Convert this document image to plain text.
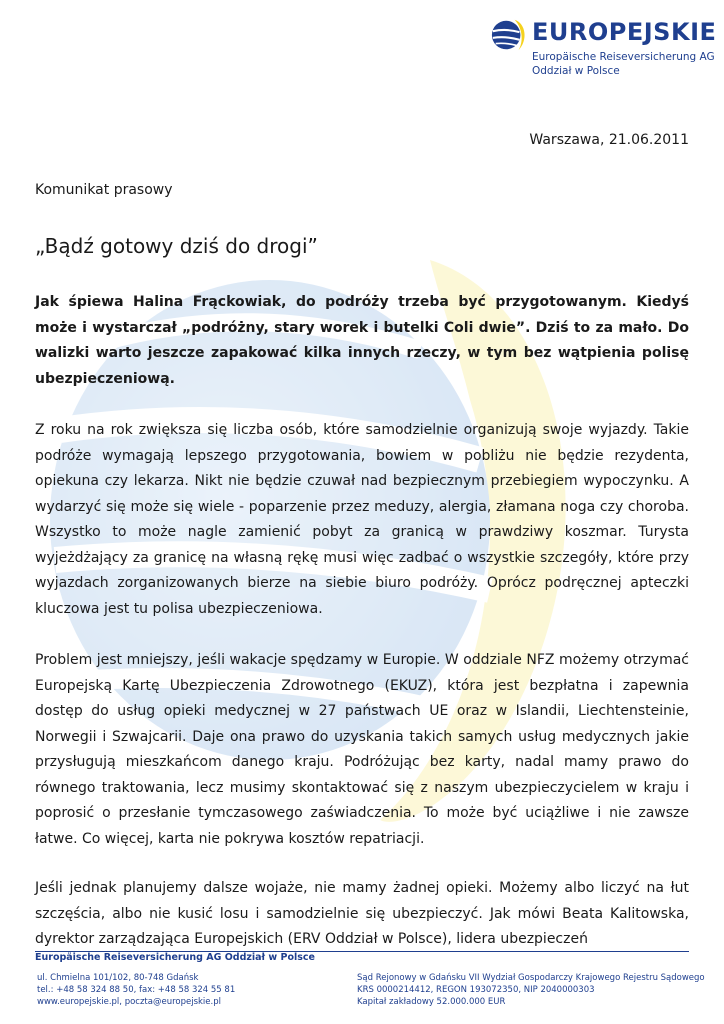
EUROPEJSKIE
Europäische Reiseversicherung AG
Oddział w Polsce
Warszawa, 21.06.2011
Komunikat prasowy
„Bądź gotowy dziś do drogi”

Jak śpiewa Halina Frąckowiak, do podróży trzeba być przygotowanym. Kiedyś może i wystarczał „podróżny, stary worek i butelki Coli dwie”. Dziś to za mało. Do walizki warto jeszcze zapakować kilka innych rzeczy, w tym bez wątpienia polisę ubezpieczeniową.

Z roku na rok zwiększa się liczba osób, które samodzielnie organizują swoje wyjazdy. Takie podróże wymagają lepszego przygotowania, bowiem w pobliżu nie będzie rezydenta, opiekuna czy lekarza. Nikt nie będzie czuwał nad bezpiecznym przebiegiem wypoczynku. A wydarzyć się może się wiele - poparzenie przez meduzy, alergia, złamana noga czy choroba. Wszystko to może nagle zamienić pobyt za granicą w prawdziwy koszmar. Turysta wyjeżdżający za granicę na własną rękę musi więc zadbać o wszystkie szczegóły, które przy wyjazdach zorganizowanych bierze na siebie biuro podróży. Oprócz podręcznej apteczki kluczowa jest tu polisa ubezpieczeniowa.

Problem jest mniejszy, jeśli wakacje spędzamy w Europie. W oddziale NFZ możemy otrzymać Europejską Kartę Ubezpieczenia Zdrowotnego (EKUZ), która jest bezpłatna i zapewnia dostęp do usług opieki medycznej w 27 państwach UE oraz w Islandii, Liechtensteinie, Norwegii i Szwajcarii. Daje ona prawo do uzyskania takich samych usług medycznych jakie przysługują mieszkańcom danego kraju. Podróżując bez karty, nadal mamy prawo do równego traktowania, lecz musimy skontaktować się z naszym ubezpieczycielem w kraju i poprosić o przesłanie tymczasowego zaświadczenia. To może być uciążliwe i nie zawsze łatwe. Co więcej, karta nie pokrywa kosztów repatriacji.

Jeśli jednak planujemy dalsze wojaże, nie mamy żadnej opieki. Możemy albo liczyć na łut szczęścia, albo nie kusić losu i samodzielnie się ubezpieczyć. Jak mówi Beata Kalitowska, dyrektor zarządzająca Europejskich (ERV Oddział w Polsce), lidera ubezpieczeń

Europäische Reiseversicherung AG Oddział w Polsce
ul. Chmielna 101/102, 80-748 Gdańsk
tel.: +48 58 324 88 50, fax: +48 58 324 55 81
www.europejskie.pl, poczta@europejskie.pl
Sąd Rejonowy w Gdańsku VII Wydział Gospodarczy Krajowego Rejestru Sądowego
KRS 0000214412, REGON 193072350, NIP 2040000303
Kapitał zakładowy 52.000.000 EUR
